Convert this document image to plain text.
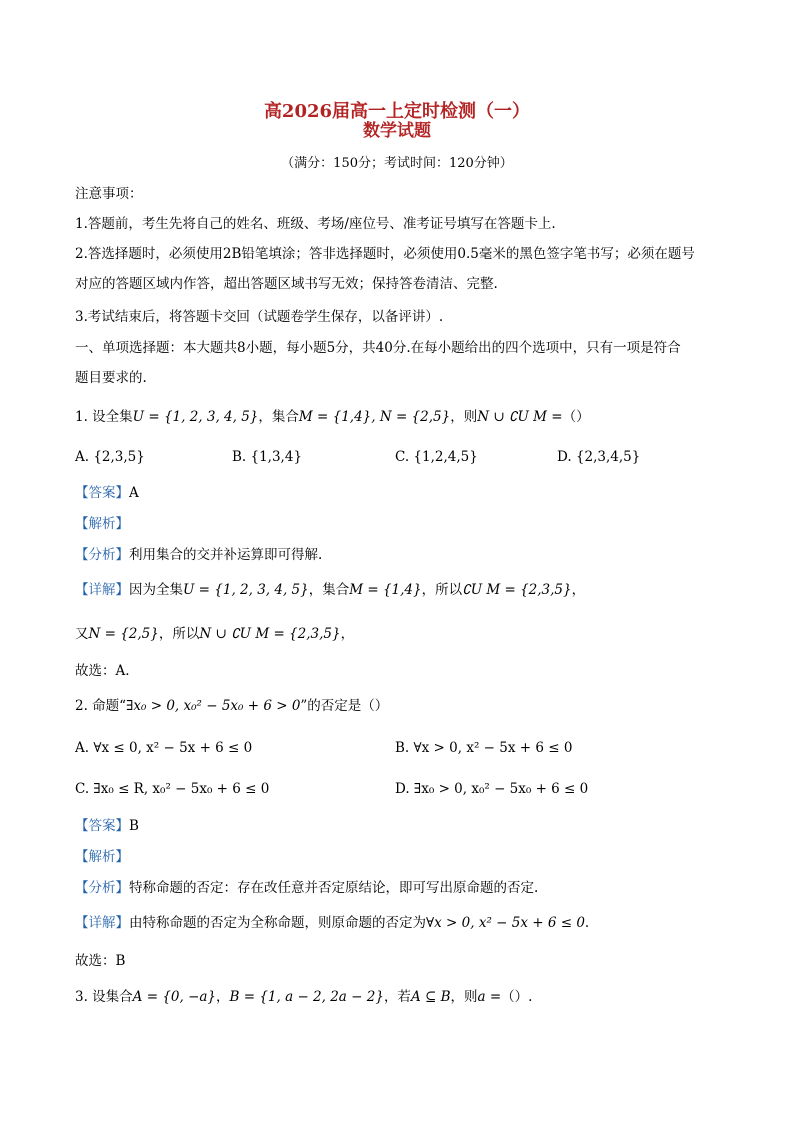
高2026届高一上定时检测（一）
数学试题
（满分：150分；考试时间：120分钟）
注意事项：
1.答题前，考生先将自己的姓名、班级、考场/座位号、准考证号填写在答题卡上.
2.答选择题时，必须使用2B铅笔填涂；答非选择题时，必须使用0.5毫米的黑色签字笔书写；必须在题号
对应的答题区域内作答，超出答题区域书写无效；保持答卷清洁、完整.
3.考试结束后，将答题卡交回（试题卷学生保存，以备评讲）.
一、单项选择题：本大题共8小题，每小题5分，共40分.在每小题给出的四个选项中，只有一项是符合
题目要求的.
1. 设全集U = {1, 2, 3, 4, 5}，集合M = {1,4}, N = {2,5}，则N ∪ ∁U M =（）
A. {2,3,5}	B. {1,3,4}	C. {1,2,4,5}	D. {2,3,4,5}
【答案】A
【解析】
【分析】利用集合的交并补运算即可得解.
【详解】因为全集U = {1, 2, 3, 4, 5}，集合M = {1,4}，所以∁U M = {2,3,5}，
又N = {2,5}，所以N ∪ ∁U M = {2,3,5}，
故选：A.
2. 命题“∃x₀ > 0, x₀² − 5x₀ + 6 > 0”的否定是（）
A. ∀x ≤ 0, x² − 5x + 6 ≤ 0	B. ∀x > 0, x² − 5x + 6 ≤ 0
C. ∃x₀ ≤ R, x₀² − 5x₀ + 6 ≤ 0	D. ∃x₀ > 0, x₀² − 5x₀ + 6 ≤ 0
【答案】B
【解析】
【分析】特称命题的否定：存在改任意并否定原结论，即可写出原命题的否定.
【详解】由特称命题的否定为全称命题，则原命题的否定为∀x > 0, x² − 5x + 6 ≤ 0.
故选：B
3. 设集合A = {0, −a}，B = {1, a − 2, 2a − 2}，若A ⊆ B，则a =（）.
